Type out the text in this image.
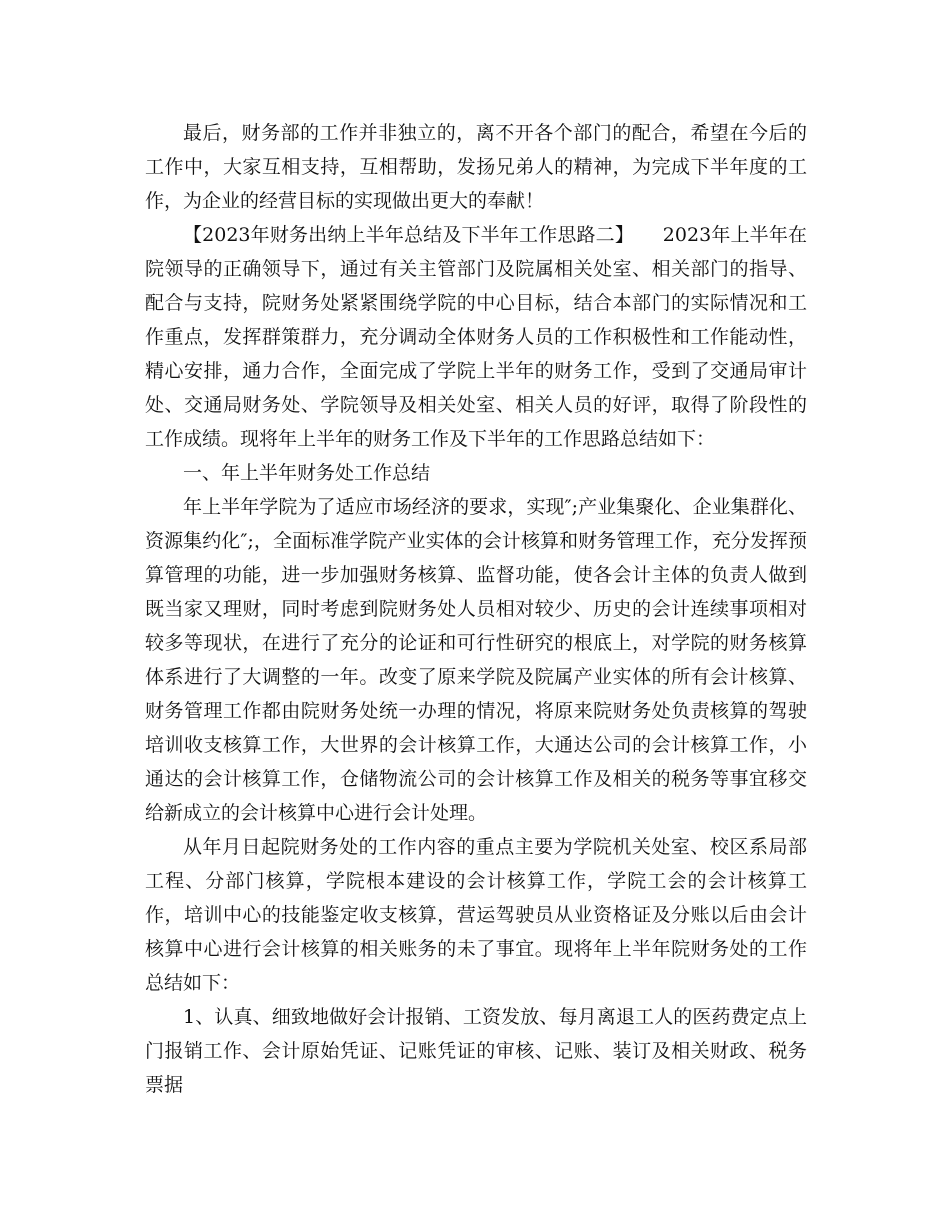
最后，财务部的工作并非独立的，离不开各个部门的配合，希望在今后的工作中，大家互相支持，互相帮助，发扬兄弟人的精神，为完成下半年度的工作，为企业的经营目标的实现做出更大的奉献！

【2023年财务出纳上半年总结及下半年工作思路二】　　2023年上半年在院领导的正确领导下，通过有关主管部门及院属相关处室、相关部门的指导、配合与支持，院财务处紧紧围绕学院的中心目标，结合本部门的实际情况和工作重点，发挥群策群力，充分调动全体财务人员的工作积极性和工作能动性，精心安排，通力合作，全面完成了学院上半年的财务工作，受到了交通局审计处、交通局财务处、学院领导及相关处室、相关人员的好评，取得了阶段性的工作成绩。现将年上半年的财务工作及下半年的工作思路总结如下：

一、年上半年财务处工作总结

年上半年学院为了适应市场经济的要求，实现″;产业集聚化、企业集群化、资源集约化″;，全面标准学院产业实体的会计核算和财务管理工作，充分发挥预算管理的功能，进一步加强财务核算、监督功能，使各会计主体的负责人做到既当家又理财，同时考虑到院财务处人员相对较少、历史的会计连续事项相对较多等现状，在进行了充分的论证和可行性研究的根底上，对学院的财务核算体系进行了大调整的一年。改变了原来学院及院属产业实体的所有会计核算、财务管理工作都由院财务处统一办理的情况，将原来院财务处负责核算的驾驶培训收支核算工作，大世界的会计核算工作，大通达公司的会计核算工作，小通达的会计核算工作，仓储物流公司的会计核算工作及相关的税务等事宜移交给新成立的会计核算中心进行会计处理。

从年月日起院财务处的工作内容的重点主要为学院机关处室、校区系局部工程、分部门核算，学院根本建设的会计核算工作，学院工会的会计核算工作，培训中心的技能鉴定收支核算，营运驾驶员从业资格证及分账以后由会计核算中心进行会计核算的相关账务的未了事宜。现将年上半年院财务处的工作总结如下：

1、认真、细致地做好会计报销、工资发放、每月离退工人的医药费定点上门报销工作、会计原始凭证、记账凭证的审核、记账、装订及相关财政、税务票据
